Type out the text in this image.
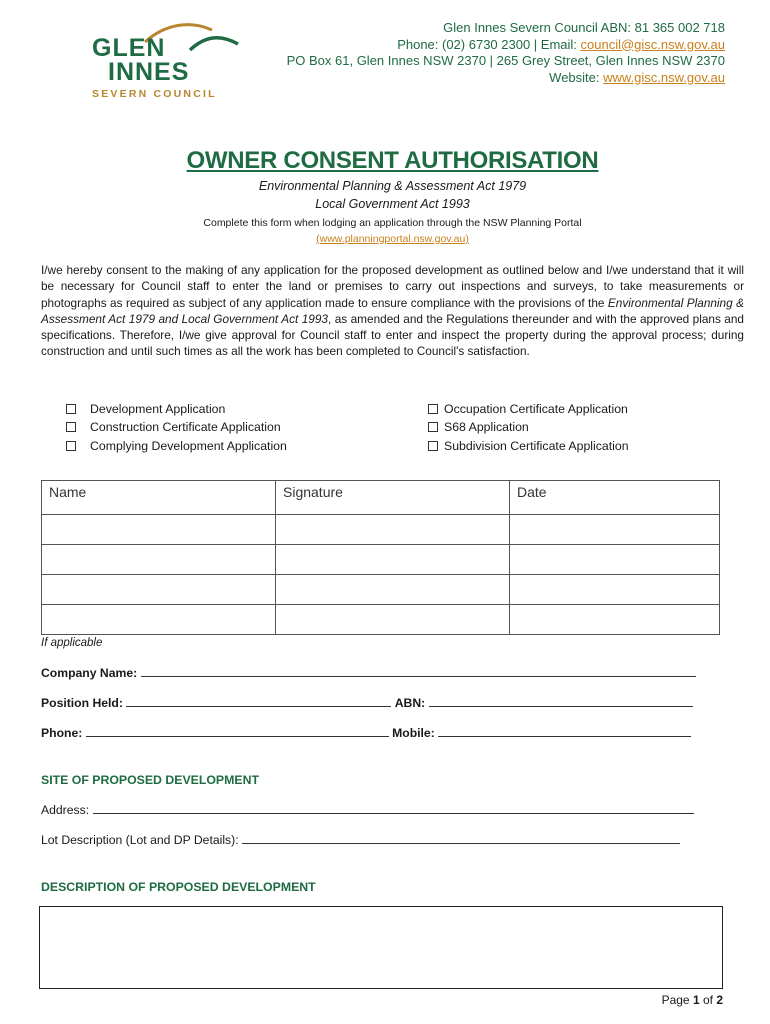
GLEN
INNES
SEVERN COUNCIL
Glen Innes Severn Council ABN: 81 365 002 718
Phone: (02) 6730 2300 | Email: council@gisc.nsw.gov.au
PO Box 61, Glen Innes NSW 2370 | 265 Grey Street, Glen Innes NSW 2370
Website: www.gisc.nsw.gov.au
OWNER CONSENT AUTHORISATION
Environmental Planning & Assessment Act 1979
Local Government Act 1993
Complete this form when lodging an application through the NSW Planning Portal
(www.planningportal.nsw.gov.au)
I/we hereby consent to the making of any application for the proposed development as outlined below and I/we understand that it will be necessary for Council staff to enter the land or premises to carry out inspections and surveys, to take measurements or photographs as required as subject of any application made to ensure compliance with the provisions of the Environmental Planning & Assessment Act 1979 and Local Government Act 1993, as amended and the Regulations thereunder and with the approved plans and specifications. Therefore, I/we give approval for Council staff to enter and inspect the property during the approval process; during construction and until such times as all the work has been completed to Council's satisfaction.
Development Application
Construction Certificate Application
Complying Development Application
Occupation Certificate Application
S68 Application
Subdivision Certificate Application
Name	Signature	Date

If applicable
Company Name:
Position Held:	ABN:
Phone:	Mobile:
SITE OF PROPOSED DEVELOPMENT
Address:
Lot Description (Lot and DP Details):
DESCRIPTION OF PROPOSED DEVELOPMENT
Page 1 of 2
